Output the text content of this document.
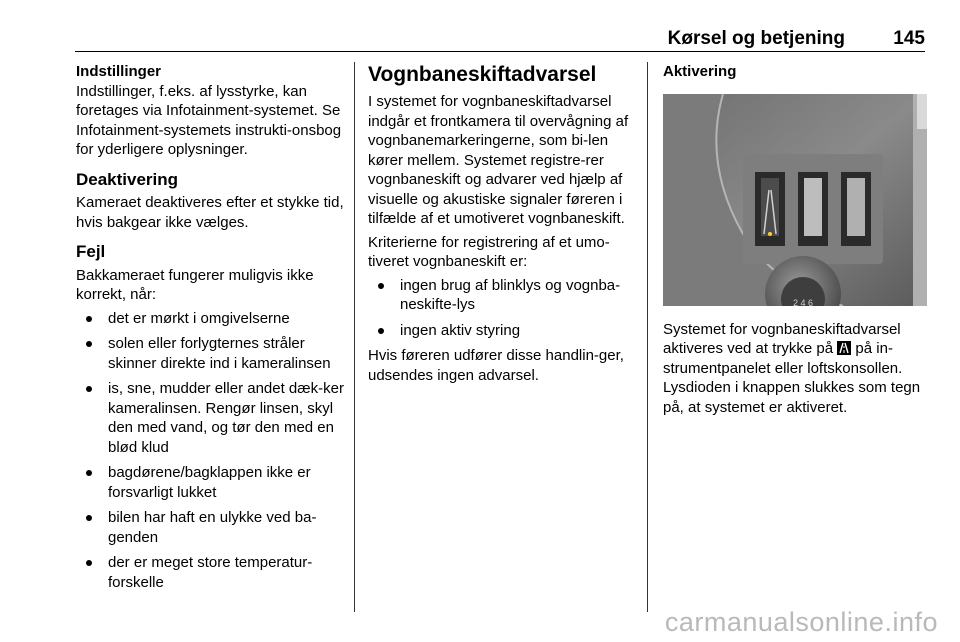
Kørsel og betjening	145
Indstillinger

Indstillinger, f.eks. af lysstyrke, kan foretages via Infotainment-systemet. Se Infotainment-systemets instrukti-onsbog for yderligere oplysninger.

Deaktivering

Kameraet deaktiveres efter et stykke tid, hvis bakgear ikke vælges.

Fejl

Bakkameraet fungerer muligvis ikke korrekt, når:

det er mørkt i omgivelserne
solen eller forlygternes stråler skinner direkte ind i kameralinsen
is, sne, mudder eller andet dæk-ker kameralinsen. Rengør linsen, skyl den med vand, og tør den med en blød klud
bagdørene/bagklappen ikke er forsvarligt lukket
bilen har haft en ulykke ved ba-genden
der er meget store temperatur-forskelle
Vognbaneskiftadvarsel

I systemet for vognbaneskiftadvarsel indgår et frontkamera til overvågning af vognbanemarkeringerne, som bi-len kører mellem. Systemet registre-rer vognbaneskift og advarer ved hjælp af visuelle og akustiske signaler føreren i tilfælde af et umotiveret vognbaneskift.

Kriterierne for registrering af et umo-tiveret vognbaneskift er:

ingen brug af blinklys og vognba-neskifte-lys
ingen aktiv styring

Hvis føreren udfører disse handlin-ger, udsendes ingen advarsel.

Aktivering
2 4 6

Systemet for vognbaneskiftadvarsel aktiveres ved at trykke på på in-strumentpanelet eller loftskonsollen. Lysdioden i knappen slukkes som tegn på, at systemet er aktiveret.

carmanualsonline.info
